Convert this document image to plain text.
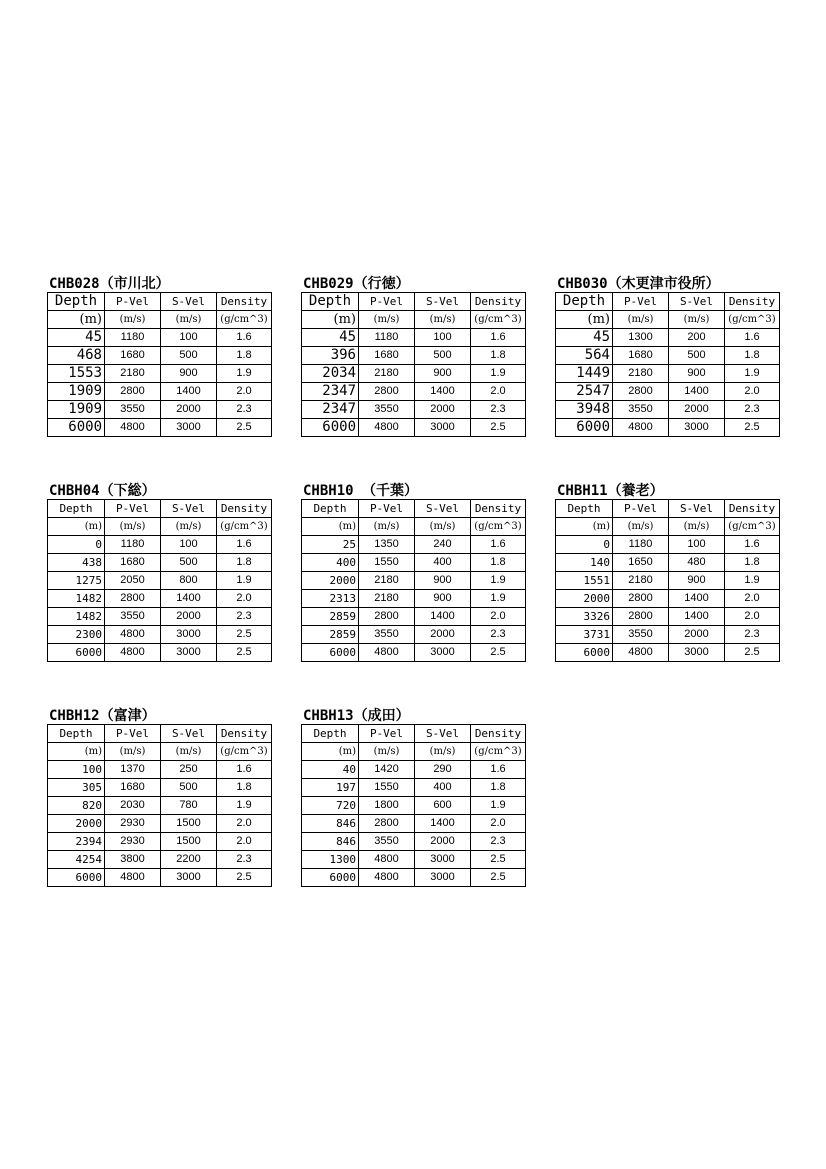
CHB028（市川北）
Depth	P-Vel	S-Vel	Density
(m)	(m/s)	(m/s)	(g/cm^3)
45	1180	100	1.6
468	1680	500	1.8
1553	2180	900	1.9
1909	2800	1400	2.0
1909	3550	2000	2.3
6000	4800	3000	2.5
CHB029（行徳）
Depth	P-Vel	S-Vel	Density
(m)	(m/s)	(m/s)	(g/cm^3)
45	1180	100	1.6
396	1680	500	1.8
2034	2180	900	1.9
2347	2800	1400	2.0
2347	3550	2000	2.3
6000	4800	3000	2.5
CHB030（木更津市役所）
Depth	P-Vel	S-Vel	Density
(m)	(m/s)	(m/s)	(g/cm^3)
45	1300	200	1.6
564	1680	500	1.8
1449	2180	900	1.9
2547	2800	1400	2.0
3948	3550	2000	2.3
6000	4800	3000	2.5
CHBH04（下総）
Depth	P-Vel	S-Vel	Density
(m)	(m/s)	(m/s)	(g/cm^3)
0	1180	100	1.6
438	1680	500	1.8
1275	2050	800	1.9
1482	2800	1400	2.0
1482	3550	2000	2.3
2300	4800	3000	2.5
6000	4800	3000	2.5
CHBH10 （千葉）
Depth	P-Vel	S-Vel	Density
(m)	(m/s)	(m/s)	(g/cm^3)
25	1350	240	1.6
400	1550	400	1.8
2000	2180	900	1.9
2313	2180	900	1.9
2859	2800	1400	2.0
2859	3550	2000	2.3
6000	4800	3000	2.5
CHBH11（養老）
Depth	P-Vel	S-Vel	Density
(m)	(m/s)	(m/s)	(g/cm^3)
0	1180	100	1.6
140	1650	480	1.8
1551	2180	900	1.9
2000	2800	1400	2.0
3326	2800	1400	2.0
3731	3550	2000	2.3
6000	4800	3000	2.5
CHBH12（富津）
Depth	P-Vel	S-Vel	Density
(m)	(m/s)	(m/s)	(g/cm^3)
100	1370	250	1.6
305	1680	500	1.8
820	2030	780	1.9
2000	2930	1500	2.0
2394	2930	1500	2.0
4254	3800	2200	2.3
6000	4800	3000	2.5
CHBH13（成田）
Depth	P-Vel	S-Vel	Density
(m)	(m/s)	(m/s)	(g/cm^3)
40	1420	290	1.6
197	1550	400	1.8
720	1800	600	1.9
846	2800	1400	2.0
846	3550	2000	2.3
1300	4800	3000	2.5
6000	4800	3000	2.5
